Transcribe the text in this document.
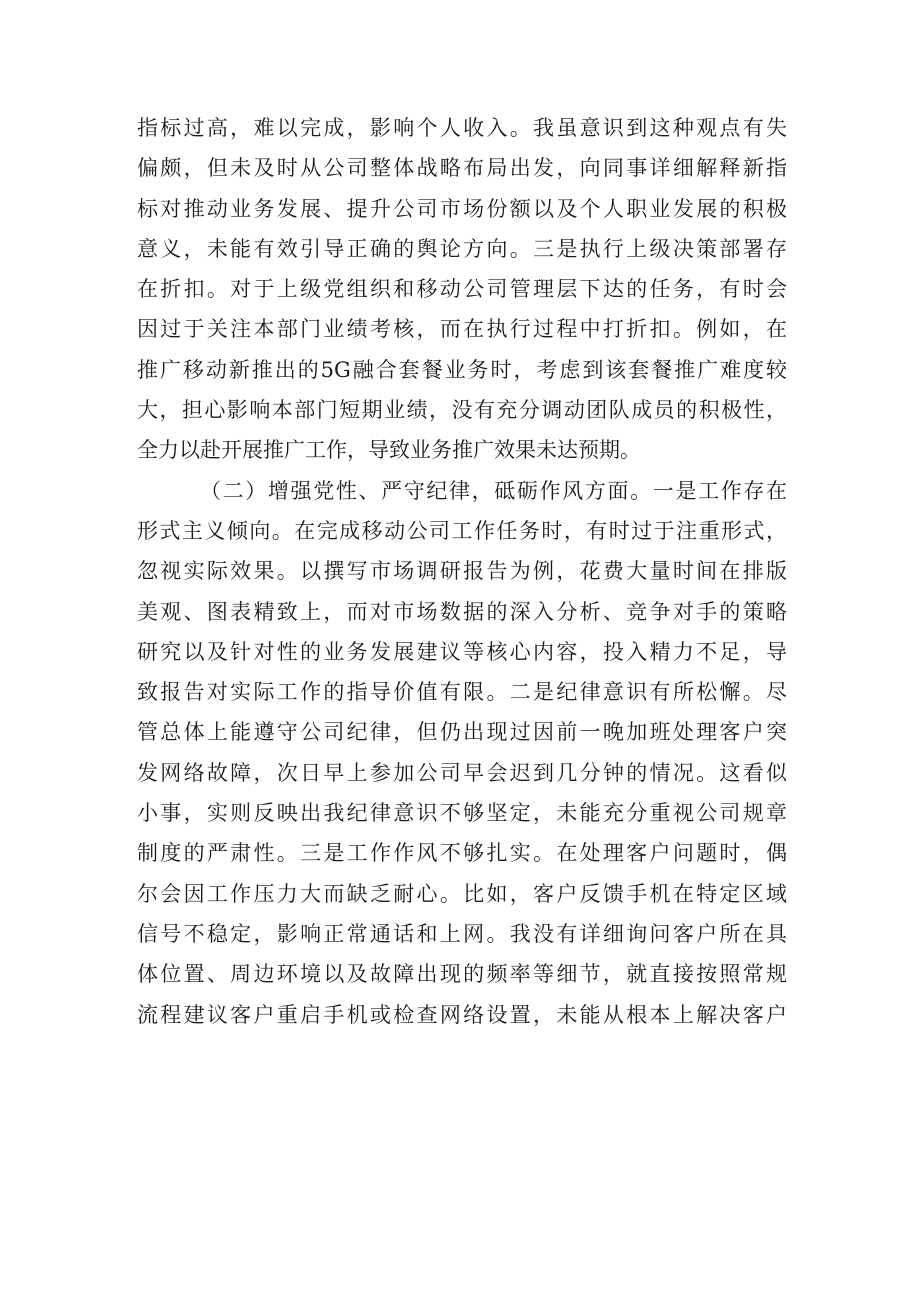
指标过高，难以完成，影响个人收入。我虽意识到这种观点有失
偏颇，但未及时从公司整体战略布局出发，向同事详细解释新指
标对推动业务发展、提升公司市场份额以及个人职业发展的积极
意义，未能有效引导正确的舆论方向。三是执行上级决策部署存
在折扣。对于上级党组织和移动公司管理层下达的任务，有时会
因过于关注本部门业绩考核，而在执行过程中打折扣。例如，在
推广移动新推出的5G融合套餐业务时，考虑到该套餐推广难度较
大，担心影响本部门短期业绩，没有充分调动团队成员的积极性，
全力以赴开展推广工作，导致业务推广效果未达预期。
（二）增强党性、严守纪律，砥砺作风方面。一是工作存在
形式主义倾向。在完成移动公司工作任务时，有时过于注重形式，
忽视实际效果。以撰写市场调研报告为例，花费大量时间在排版
美观、图表精致上，而对市场数据的深入分析、竞争对手的策略
研究以及针对性的业务发展建议等核心内容，投入精力不足，导
致报告对实际工作的指导价值有限。二是纪律意识有所松懈。尽
管总体上能遵守公司纪律，但仍出现过因前一晚加班处理客户突
发网络故障，次日早上参加公司早会迟到几分钟的情况。这看似
小事，实则反映出我纪律意识不够坚定，未能充分重视公司规章
制度的严肃性。三是工作作风不够扎实。在处理客户问题时，偶
尔会因工作压力大而缺乏耐心。比如，客户反馈手机在特定区域
信号不稳定，影响正常通话和上网。我没有详细询问客户所在具
体位置、周边环境以及故障出现的频率等细节，就直接按照常规
流程建议客户重启手机或检查网络设置，未能从根本上解决客户
